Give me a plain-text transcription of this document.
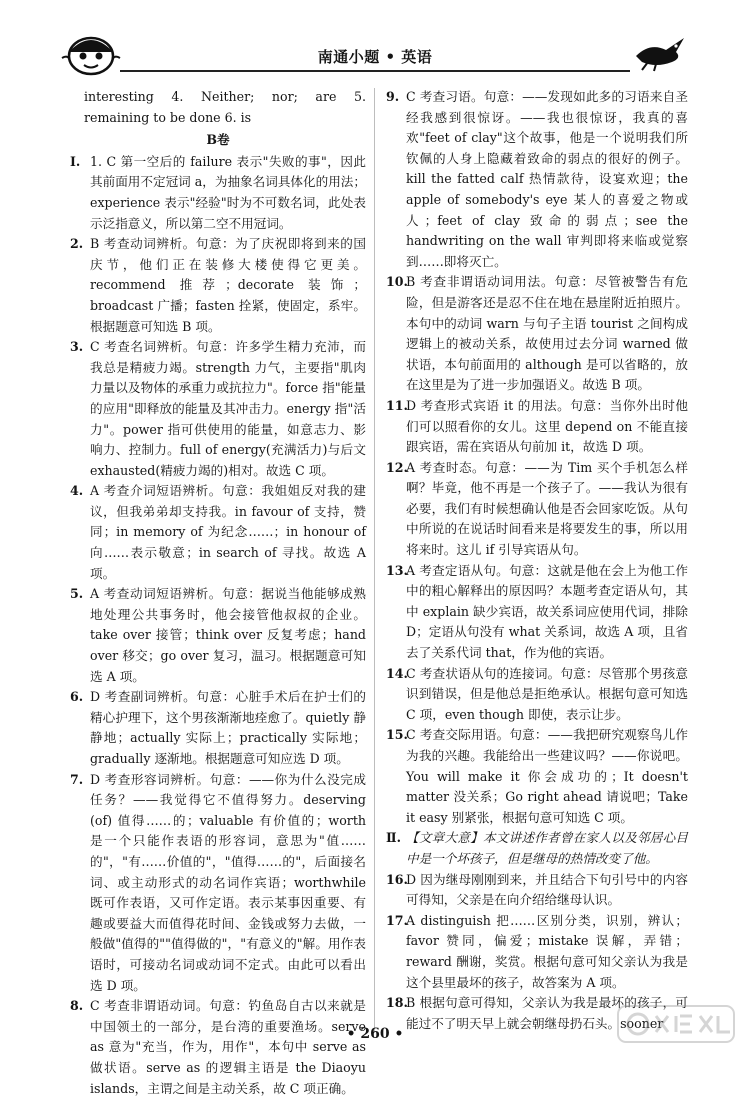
南通小题 • 英语

interesting 4. Neither; nor; are 5. remaining to be done 6. is

B卷

Ⅰ. 1. C 第一空后的 failure 表示"失败的事"，因此其前面用不定冠词 a，为抽象名词具体化的用法；experience 表示"经验"时为不可数名词，此处表示泛指意义，所以第二空不用冠词。

2. B 考查动词辨析。句意：为了庆祝即将到来的国庆节，他们正在装修大楼使得它更美。recommend 推荐；decorate 装饰；broadcast 广播；fasten 拴紧，使固定，系牢。根据题意可知选 B 项。

3. C 考查名词辨析。句意：许多学生精力充沛，而我总是精疲力竭。strength 力气，主要指"肌肉力量以及物体的承重力或抗拉力"。force 指"能量的应用"即释放的能量及其冲击力。energy 指"活力"。power 指可供使用的能量，如意志力、影响力、控制力。full of energy(充满活力)与后文 exhausted(精疲力竭的)相对。故选 C 项。

4. A 考查介词短语辨析。句意：我姐姐反对我的建议，但我弟弟却支持我。in favour of 支持，赞同；in memory of 为纪念……；in honour of 向……表示敬意；in search of 寻找。故选 A 项。

5. A 考查动词短语辨析。句意：据说当他能够成熟地处理公共事务时，他会接管他叔叔的企业。take over 接管；think over 反复考虑；hand over 移交；go over 复习，温习。根据题意可知选 A 项。

6. D 考查副词辨析。句意：心脏手术后在护士们的精心护理下，这个男孩渐渐地痊愈了。quietly 静静地；actually 实际上；practically 实际地；gradually 逐渐地。根据题意可知应选 D 项。

7. D 考查形容词辨析。句意：——你为什么没完成任务？——我觉得它不值得努力。deserving (of) 值得……的；valuable 有价值的；worth 是一个只能作表语的形容词，意思为"值……的"，"有……价值的"，"值得……的"，后面接名词、或主动形式的动名词作宾语；worthwhile 既可作表语，又可作定语。表示某事因重要、有趣或要益大而值得花时间、金钱或努力去做，一般做"值得的""值得做的"，"有意义的"解。用作表语时，可接动名词或动词不定式。由此可以看出选 D 项。

8. C 考查非谓语动词。句意：钓鱼岛自古以来就是中国领土的一部分，是台湾的重要渔场。serve as 意为"充当，作为，用作"，本句中 serve as 做状语。serve as 的逻辑主语是 the Diaoyu islands，主谓之间是主动关系，故 C 项正确。

9. C 考查习语。句意：——发现如此多的习语来自圣经我感到很惊讶。——我也很惊讶，我真的喜欢"feet of clay"这个故事，他是一个说明我们所钦佩的人身上隐藏着致命的弱点的很好的例子。kill the fatted calf 热情款待，设宴欢迎；the apple of somebody's eye 某人的喜爱之物或人；feet of clay 致命的弱点；see the handwriting on the wall 审判即将来临或觉察到……即将灭亡。

10.
B 考查非谓语动词用法。句意：尽管被警告有危险，但是游客还是忍不住在地在悬崖附近拍照片。本句中的动词 warn 与句子主语 tourist 之间构成逻辑上的被动关系，故使用过去分词 warned 做状语，本句前面用的 although 是可以省略的，放在这里是为了进一步加强语义。故选 B 项。

11.
D 考查形式宾语 it 的用法。句意：当你外出时他们可以照看你的女儿。这里 depend on 不能直接跟宾语，需在宾语从句前加 it，故选 D 项。

12.
A 考查时态。句意：——为 Tim 买个手机怎么样啊？毕竟，他不再是一个孩子了。——我认为很有必要，我们有时候想确认他是否会回家吃饭。从句中所说的在说话时间看来是将要发生的事，所以用将来时。这儿 if 引导宾语从句。

13.
A 考查定语从句。句意：这就是他在会上为他工作中的粗心解释出的原因吗？本题考查定语从句，其中 explain 缺少宾语，故关系词应使用代词，排除 D；定语从句没有 what 关系词，故选 A 项，且省去了关系代词 that，作为他的宾语。

14.
C 考查状语从句的连接词。句意：尽管那个男孩意识到错误，但是他总是拒绝承认。根据句意可知选 C 项，even though 即使，表示让步。

15.
C 考查交际用语。句意：——我把研究观察鸟儿作为我的兴趣。我能给出一些建议吗？——你说吧。You will make it 你会成功的；It doesn't matter 没关系；Go right ahead 请说吧；Take it easy 别紧张，根据句意可知选 C 项。

Ⅱ. 【文章大意】本文讲述作者曾在家人以及邻居心目中是一个坏孩子，但是继母的热情改变了他。

16.
D 因为继母刚刚到来，并且结合下句引号中的内容可得知，父亲是在向介绍给继母认识。

17.
A distinguish 把……区别分类，识别，辨认；favor 赞同，偏爱；mistake 误解，弄错；reward 酬谢，奖赏。根据句意可知父亲认为我是这个县里最坏的孩子，故答案为 A 项。

18.
B 根据句意可得知，父亲认为我是最坏的孩子，可能过不了明天早上就会朝继母扔石头。sooner

• 260 •
